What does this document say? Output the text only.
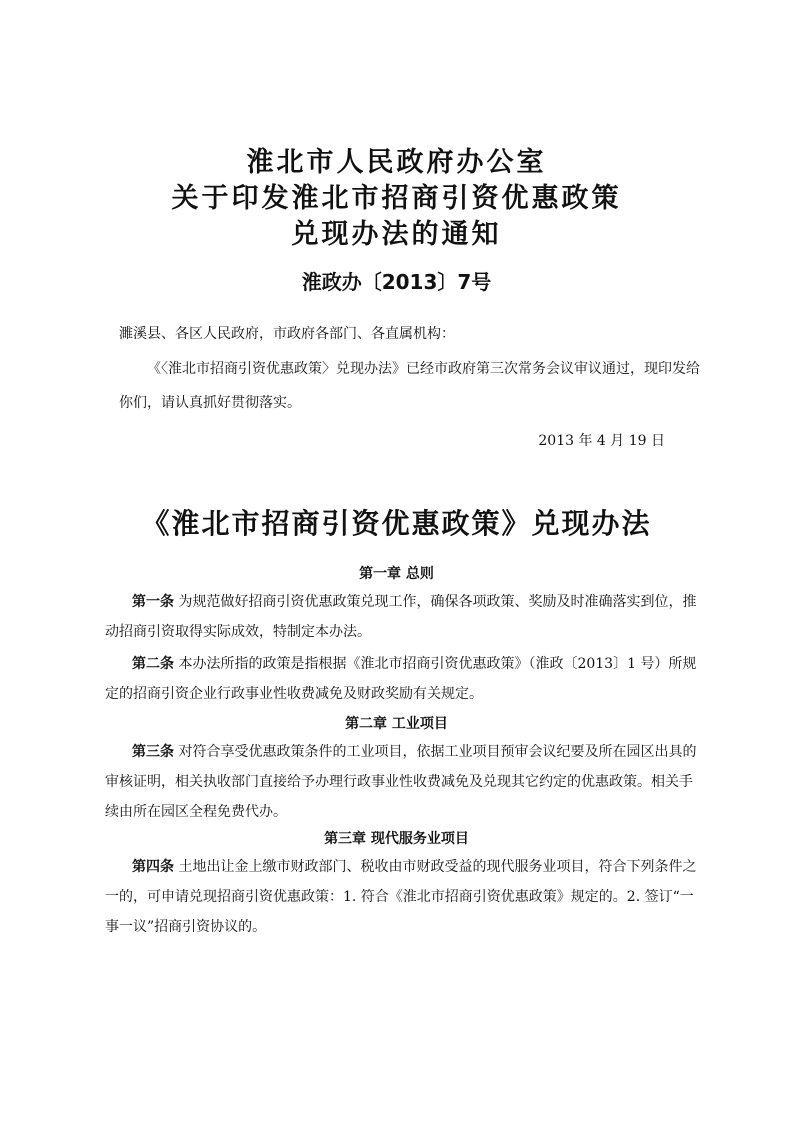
淮北市人民政府办公室
关于印发淮北市招商引资优惠政策
兑现办法的通知
淮政办〔2013〕7号
濉溪县、各区人民政府，市政府各部门、各直属机构：
《〈淮北市招商引资优惠政策〉兑现办法》已经市政府第三次常务会议审议通过，现印发给
你们，请认真抓好贯彻落实。
2013 年 4 月 19 日
《淮北市招商引资优惠政策》兑现办法
第一章 总则
第一条 为规范做好招商引资优惠政策兑现工作，确保各项政策、奖励及时准确落实到位，推
动招商引资取得实际成效，特制定本办法。
第二条 本办法所指的政策是指根据《淮北市招商引资优惠政策》（淮政〔2013〕1 号）所规
定的招商引资企业行政事业性收费减免及财政奖励有关规定。
第二章 工业项目
第三条 对符合享受优惠政策条件的工业项目，依据工业项目预审会议纪要及所在园区出具的
审核证明，相关执收部门直接给予办理行政事业性收费减免及兑现其它约定的优惠政策。相关手
续由所在园区全程免费代办。
第三章 现代服务业项目
第四条 土地出让金上缴市财政部门、税收由市财政受益的现代服务业项目，符合下列条件之
一的，可申请兑现招商引资优惠政策：1. 符合《淮北市招商引资优惠政策》规定的。2. 签订“一
事一议”招商引资协议的。
